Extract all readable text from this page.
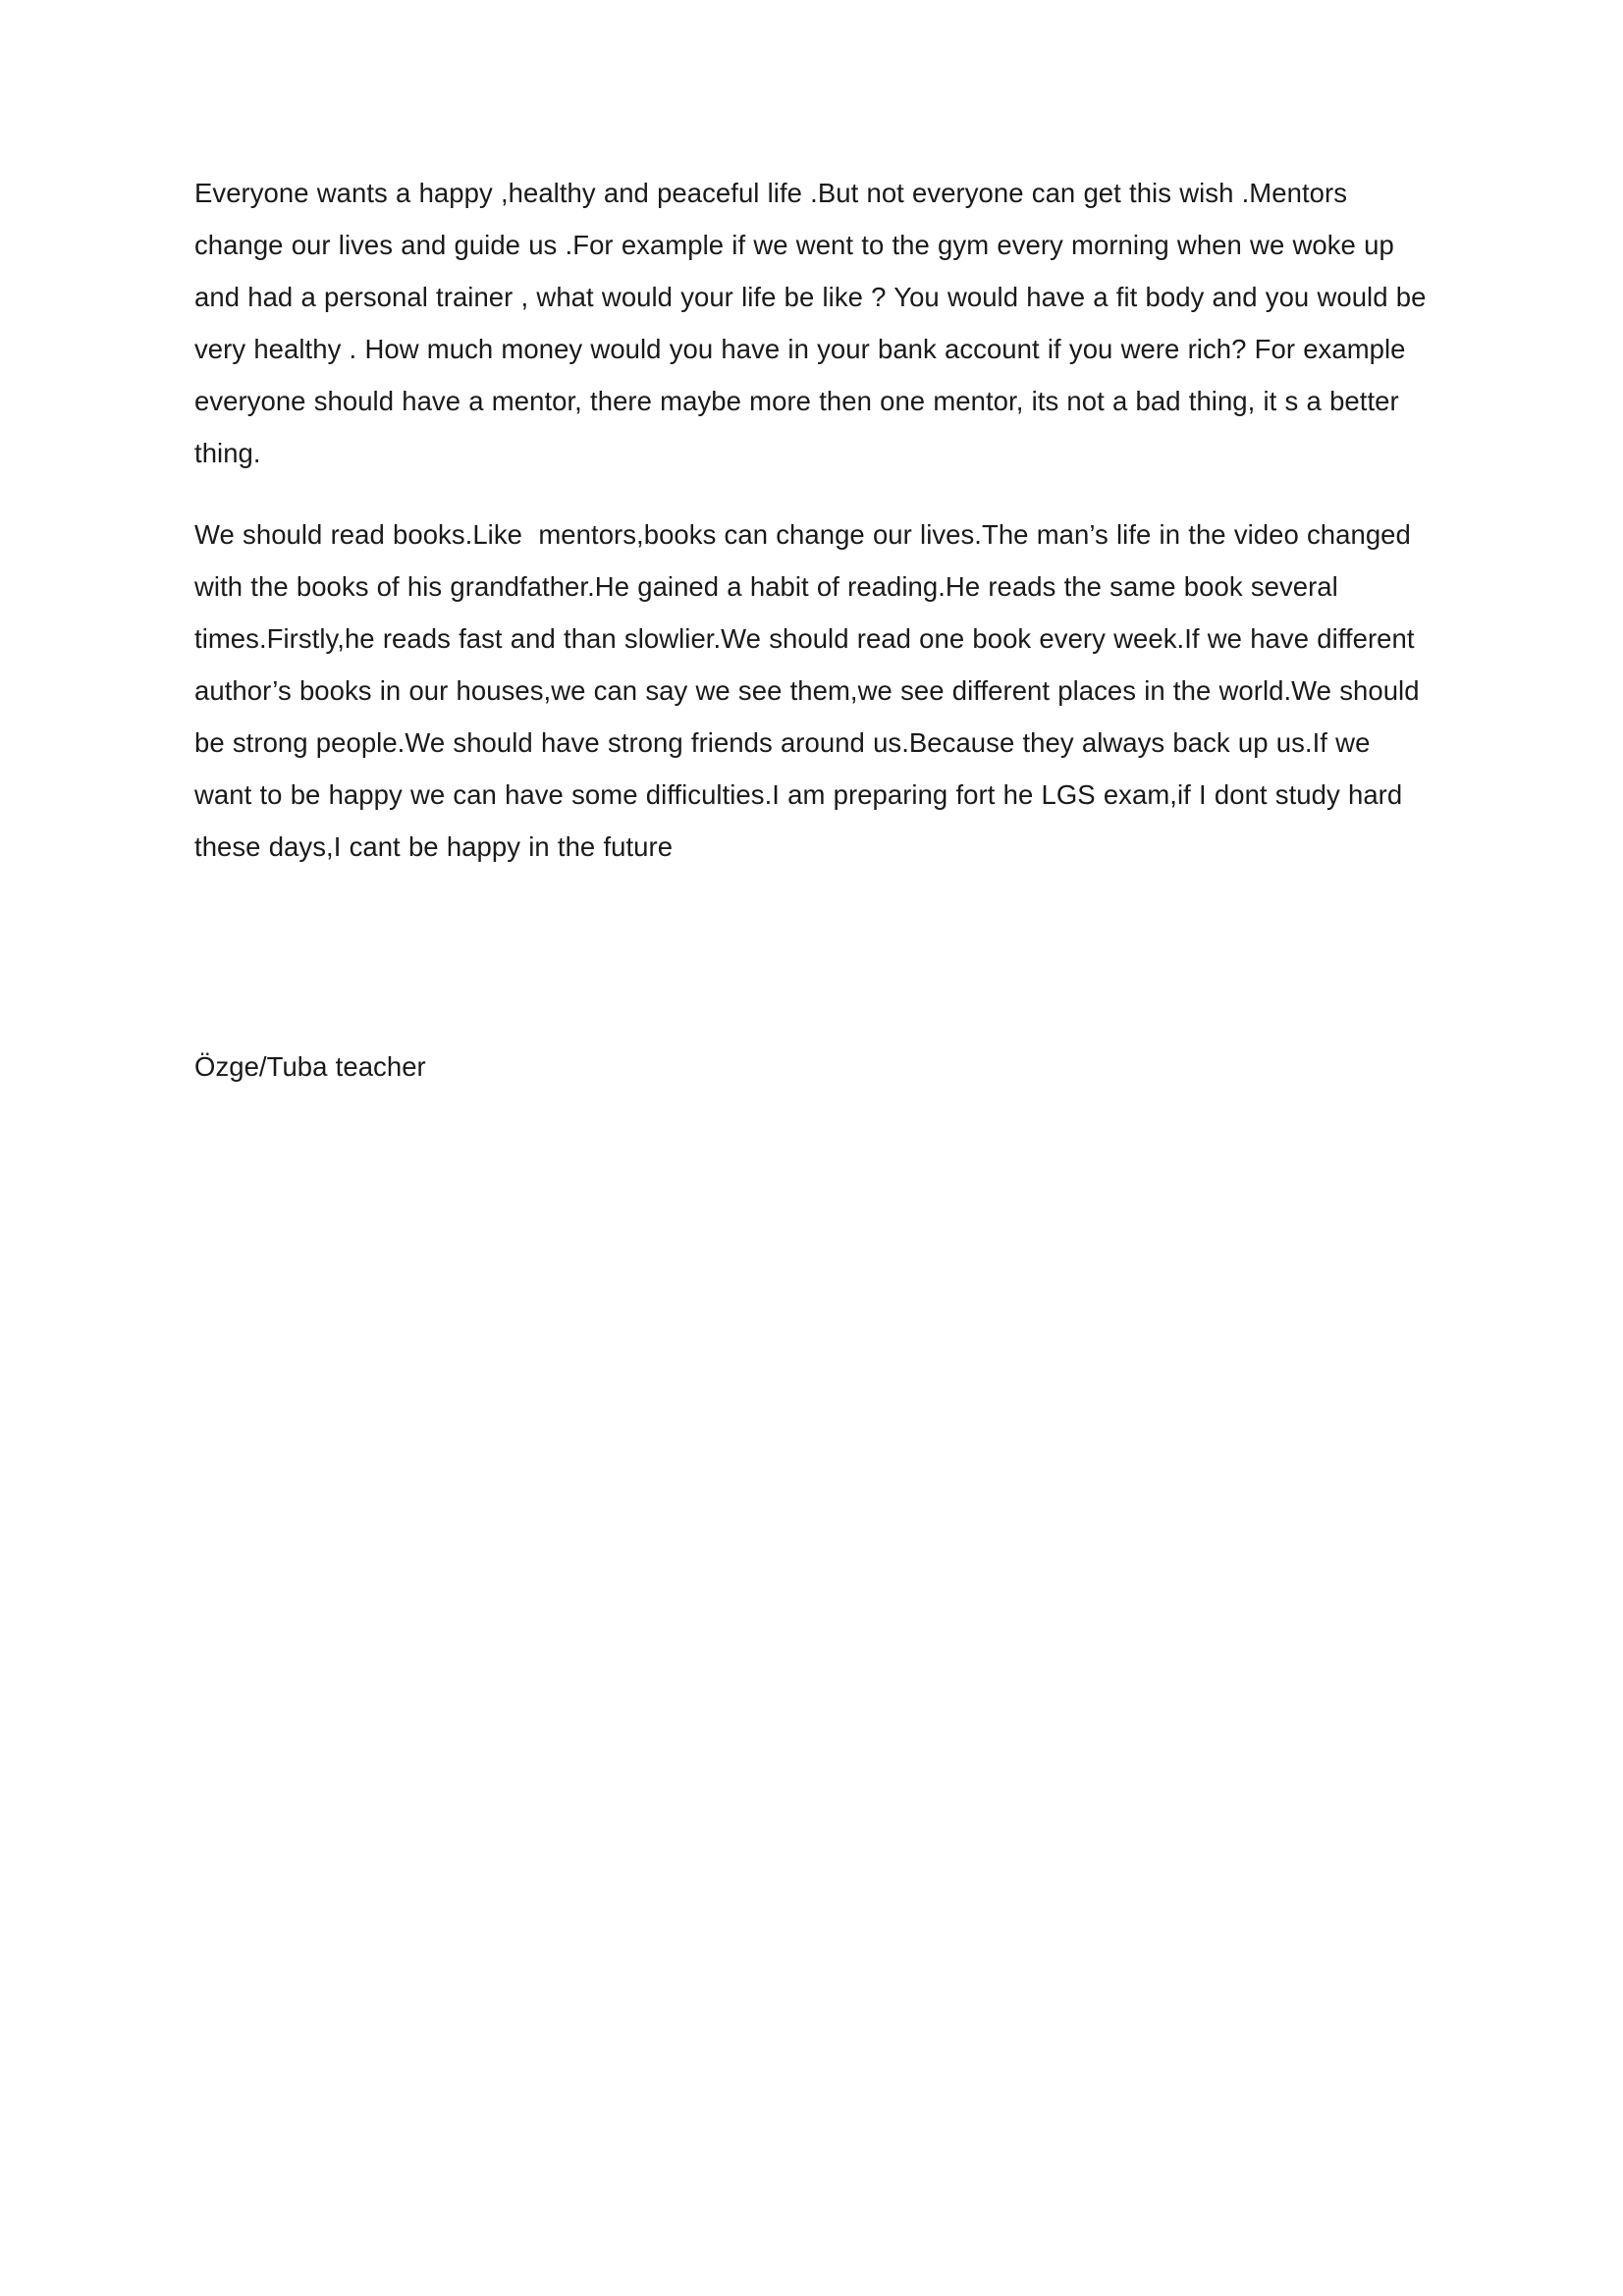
Everyone wants a happy ,healthy and peaceful life .But not everyone can get this wish .Mentors change our lives and guide us .For example if we went to the gym every morning when we woke up and had a personal trainer , what would your life be like ? You would have a fit body and you would be very healthy . How much money would you have in your bank account if you were rich? For example everyone should have a mentor, there maybe more then one mentor, its not a bad thing, it s a better thing.

We should read books.Like  mentors,books can change our lives.The man’s life in the video changed with the books of his grandfather.He gained a habit of reading.He reads the same book several times.Firstly,he reads fast and than slowlier.We should read one book every week.If we have different author’s books in our houses,we can say we see them,we see different places in the world.We should be strong people.We should have strong friends around us.Because they always back up us.If we want to be happy we can have some difficulties.I am preparing fort he LGS exam,if I dont study hard these days,I cant be happy in the future

Özge/Tuba teacher
